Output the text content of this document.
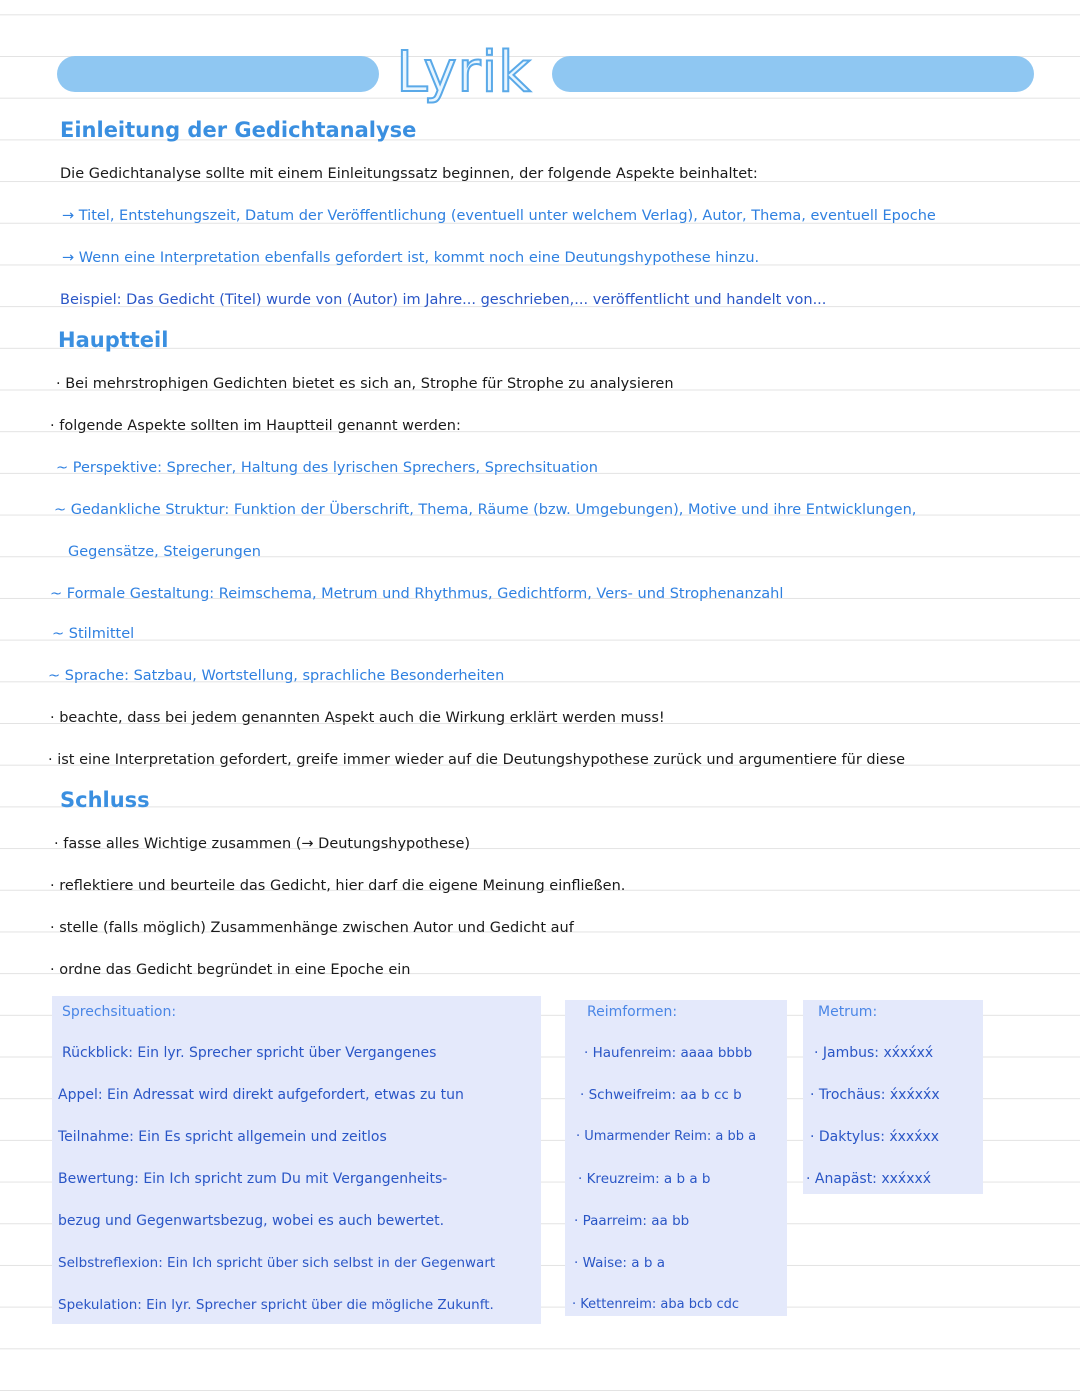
Lyrik
Einleitung der Gedichtanalyse
Die Gedichtanalyse sollte mit einem Einleitungssatz beginnen, der folgende Aspekte beinhaltet:
→ Titel, Entstehungszeit, Datum der Veröffentlichung (eventuell unter welchem Verlag), Autor, Thema, eventuell Epoche
→ Wenn eine Interpretation ebenfalls gefordert ist, kommt noch eine Deutungshypothese hinzu.
Beispiel: Das Gedicht (Titel) wurde von (Autor) im Jahre... geschrieben,... veröffentlicht und handelt von...
Hauptteil
· Bei mehrstrophigen Gedichten bietet es sich an, Strophe für Strophe zu analysieren
· folgende Aspekte sollten im Hauptteil genannt werden:
~ Perspektive: Sprecher, Haltung des lyrischen Sprechers, Sprechsituation
~ Gedankliche Struktur: Funktion der Überschrift, Thema, Räume (bzw. Umgebungen), Motive und ihre Entwicklungen,
Gegensätze, Steigerungen
~ Formale Gestaltung: Reimschema, Metrum und Rhythmus, Gedichtform, Vers- und Strophenanzahl
~ Stilmittel
~ Sprache: Satzbau, Wortstellung, sprachliche Besonderheiten
· beachte, dass bei jedem genannten Aspekt auch die Wirkung erklärt werden muss!
· ist eine Interpretation gefordert, greife immer wieder auf die Deutungshypothese zurück und argumentiere für diese
Schluss
· fasse alles Wichtige zusammen (→ Deutungshypothese)
· reflektiere und beurteile das Gedicht, hier darf die eigene Meinung einfließen.
· stelle (falls möglich) Zusammenhänge zwischen Autor und Gedicht auf
· ordne das Gedicht begründet in eine Epoche ein
Sprechsituation:
Rückblick: Ein lyr. Sprecher spricht über Vergangenes
Appel: Ein Adressat wird direkt aufgefordert, etwas zu tun
Teilnahme: Ein Es spricht allgemein und zeitlos
Bewertung: Ein Ich spricht zum Du mit Vergangenheits-
bezug und Gegenwartsbezug, wobei es auch bewertet.
Selbstreflexion: Ein Ich spricht über sich selbst in der Gegenwart
Spekulation: Ein lyr. Sprecher spricht über die mögliche Zukunft.
Reimformen:
· Haufenreim: aaaa bbbb
· Schweifreim: aa b cc b
· Umarmender Reim: a bb a
· Kreuzreim: a b a b
· Paarreim: aa bb
· Waise: a b a
· Kettenreim: aba bcb cdc
Metrum:
· Jambus: xx́xx́xx́
· Trochäus: x́xx́xx́x
· Daktylus: x́xxx́xx
· Anapäst: xxx́xxx́
